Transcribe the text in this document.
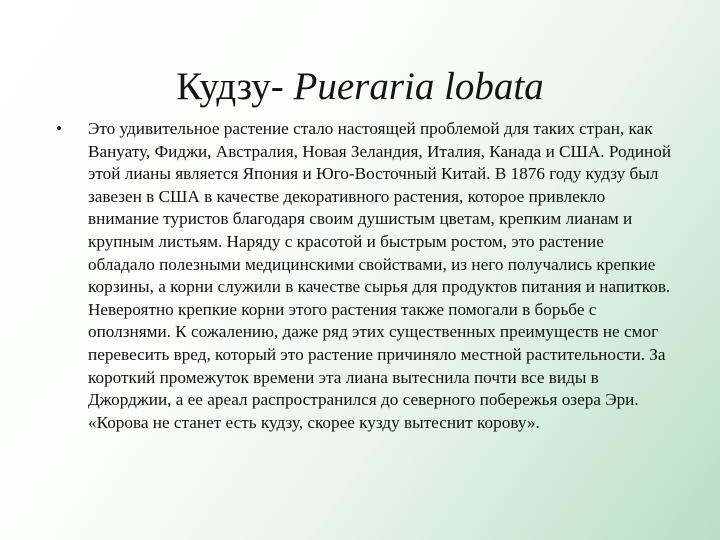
Кудзу- Pueraria lobata
•	Это удивительное растение стало настоящей проблемой для таких стран, как Вануату, Фиджи, Австралия, Новая Зеландия, Италия, Канада и США. Родиной этой лианы является Япония и Юго-Восточный Китай. В 1876 году кудзу был завезен в США в качестве декоративного растения, которое привлекло внимание туристов благодаря своим душистым цветам, крепким лианам и крупным листьям. Наряду с красотой и быстрым ростом, это растение обладало полезными медицинскими свойствами, из него получались крепкие корзины, а корни служили в качестве сырья для продуктов питания и напитков. Невероятно крепкие корни этого растения также помогали в борьбе с оползнями. К сожалению, даже ряд этих существенных преимуществ не смог перевесить вред, который это растение причиняло местной растительности. За короткий промежуток времени эта лиана вытеснила почти все виды в Джорджии, а ее ареал распространился до северного побережья озера Эри. «Корова не станет есть кудзу, скорее кузду вытеснит корову».
